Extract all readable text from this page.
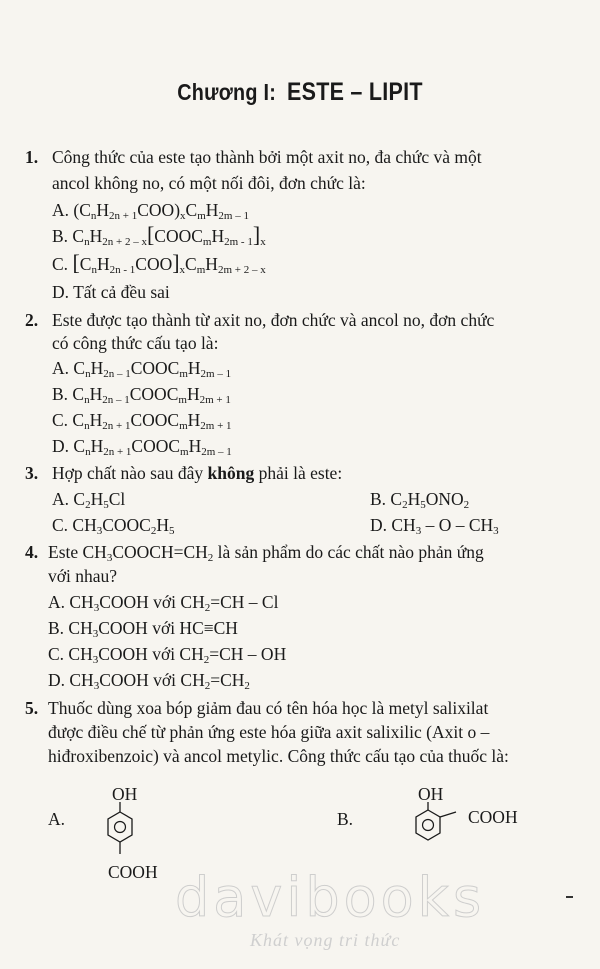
Chương I: ESTE – LIPIT
1. Công thức của este tạo thành bởi một axit no, đa chức và một
ancol không no, có một nối đôi, đơn chức là:
A. $(C_nH_{2n + 1}COO)_xC_mH_{2m - 1}$
B. $C_nH_{2n + 2 - x}[COOC_mH_{2m - 1}]_x$
C. $[C_nH_{2n - 1}COO]_xC_mH_{2m + 2 - x}$
D. Tất cả đều sai
2. Este được tạo thành từ axit no, đơn chức và ancol no, đơn chức
có công thức cấu tạo là:
A. $C_nH_{2n - 1}COOC_mH_{2m - 1}$
B. $C_nH_{2n - 1}COOC_mH_{2m + 1}$
C. $C_nH_{2n + 1}COOC_mH_{2m + 1}$
D. $C_nH_{2n + 1}COOC_mH_{2m - 1}$
3. Hợp chất nào sau đây không phải là este:
A. $C_2H_5Cl$	B. $C_2H_5ONO_2$
C. $CH_3COOC_2H_5$	D. $CH_3$ – O – $CH_3$
4. Este $CH_3COOCH=CH_2$ là sản phẩm do các chất nào phản ứng
với nhau?
A. $CH_3COOH$ với $CH_2=CH - Cl$
B. $CH_3COOH$ với HC≡CH
C. $CH_3COOH$ với $CH_2=CH$ – OH
D. $CH_3COOH$ với $CH_2=CH_2$
5. Thuốc dùng xoa bóp giảm đau có tên hóa học là metyl salixilat
được điều chế từ phản ứng este hóa giữa axit salixilic (Axit o –
hiđroxibenzoic) và ancol metylic. Công thức cấu tạo của thuốc là:
A.	B.
OH
COOH
OH
COOH
davibooks
Khát vọng tri thức
